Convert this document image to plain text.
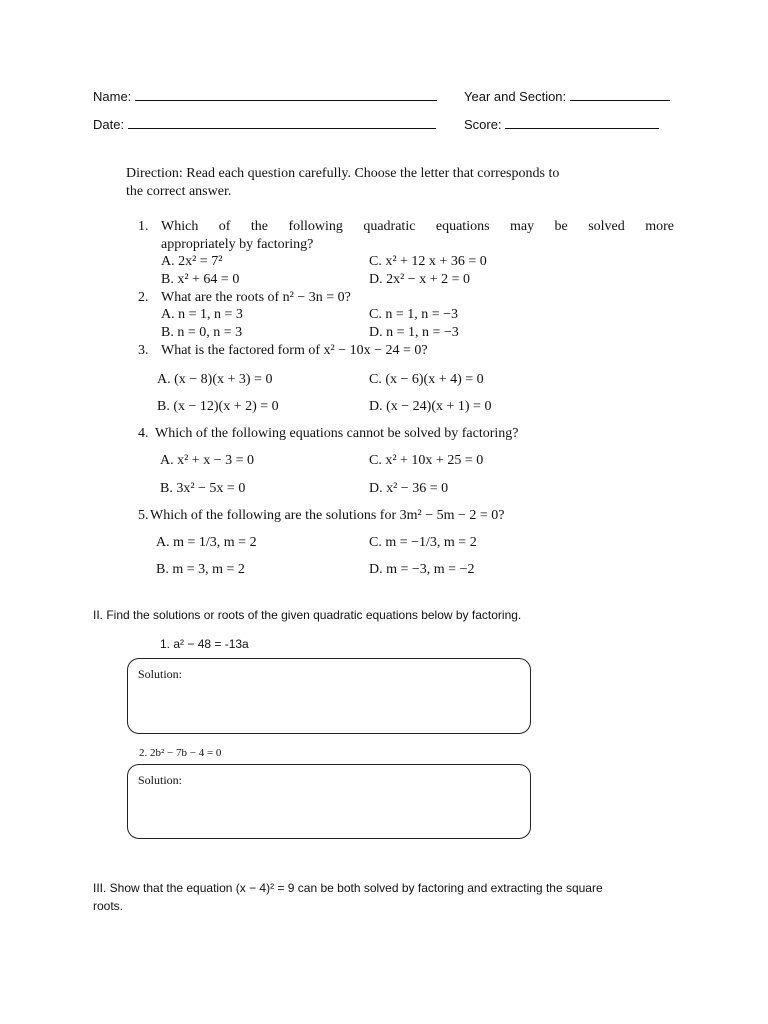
Name:	Year and Section:
Date:	Score:
Direction: Read each question carefully. Choose the letter that corresponds to
the correct answer.
1. Which of the following quadratic equations may be solved more
appropriately by factoring?
A. 2x² = 7²	C. x² + 12 x + 36 = 0
B. x² + 64 = 0	D. 2x² − x + 2 = 0
2. What are the roots of n² − 3n = 0?
A. n = 1, n = 3	C. n = 1, n = −3
B. n = 0, n = 3	D. n = 1, n = −3
3. What is the factored form of x² − 10x − 24 = 0?
A. (x − 8)(x + 3) = 0	C. (x − 6)(x + 4) = 0
B. (x − 12)(x + 2) = 0	D. (x − 24)(x + 1) = 0
4. Which of the following equations cannot be solved by factoring?
A. x² + x − 3 = 0	C. x² + 10x + 25 = 0
B. 3x² − 5x = 0	D. x² − 36 = 0
5. Which of the following are the solutions for 3m² − 5m − 2 = 0?
A. m = 1/3, m = 2	C. m = −1/3, m = 2
B. m = 3, m = 2	D. m = −3, m = −2
II. Find the solutions or roots of the given quadratic equations below by factoring.
1. a² − 48 = -13a
Solution:
2. 2b² − 7b − 4 = 0
Solution:
III. Show that the equation (x − 4)² = 9 can be both solved by factoring and extracting the square
roots.
